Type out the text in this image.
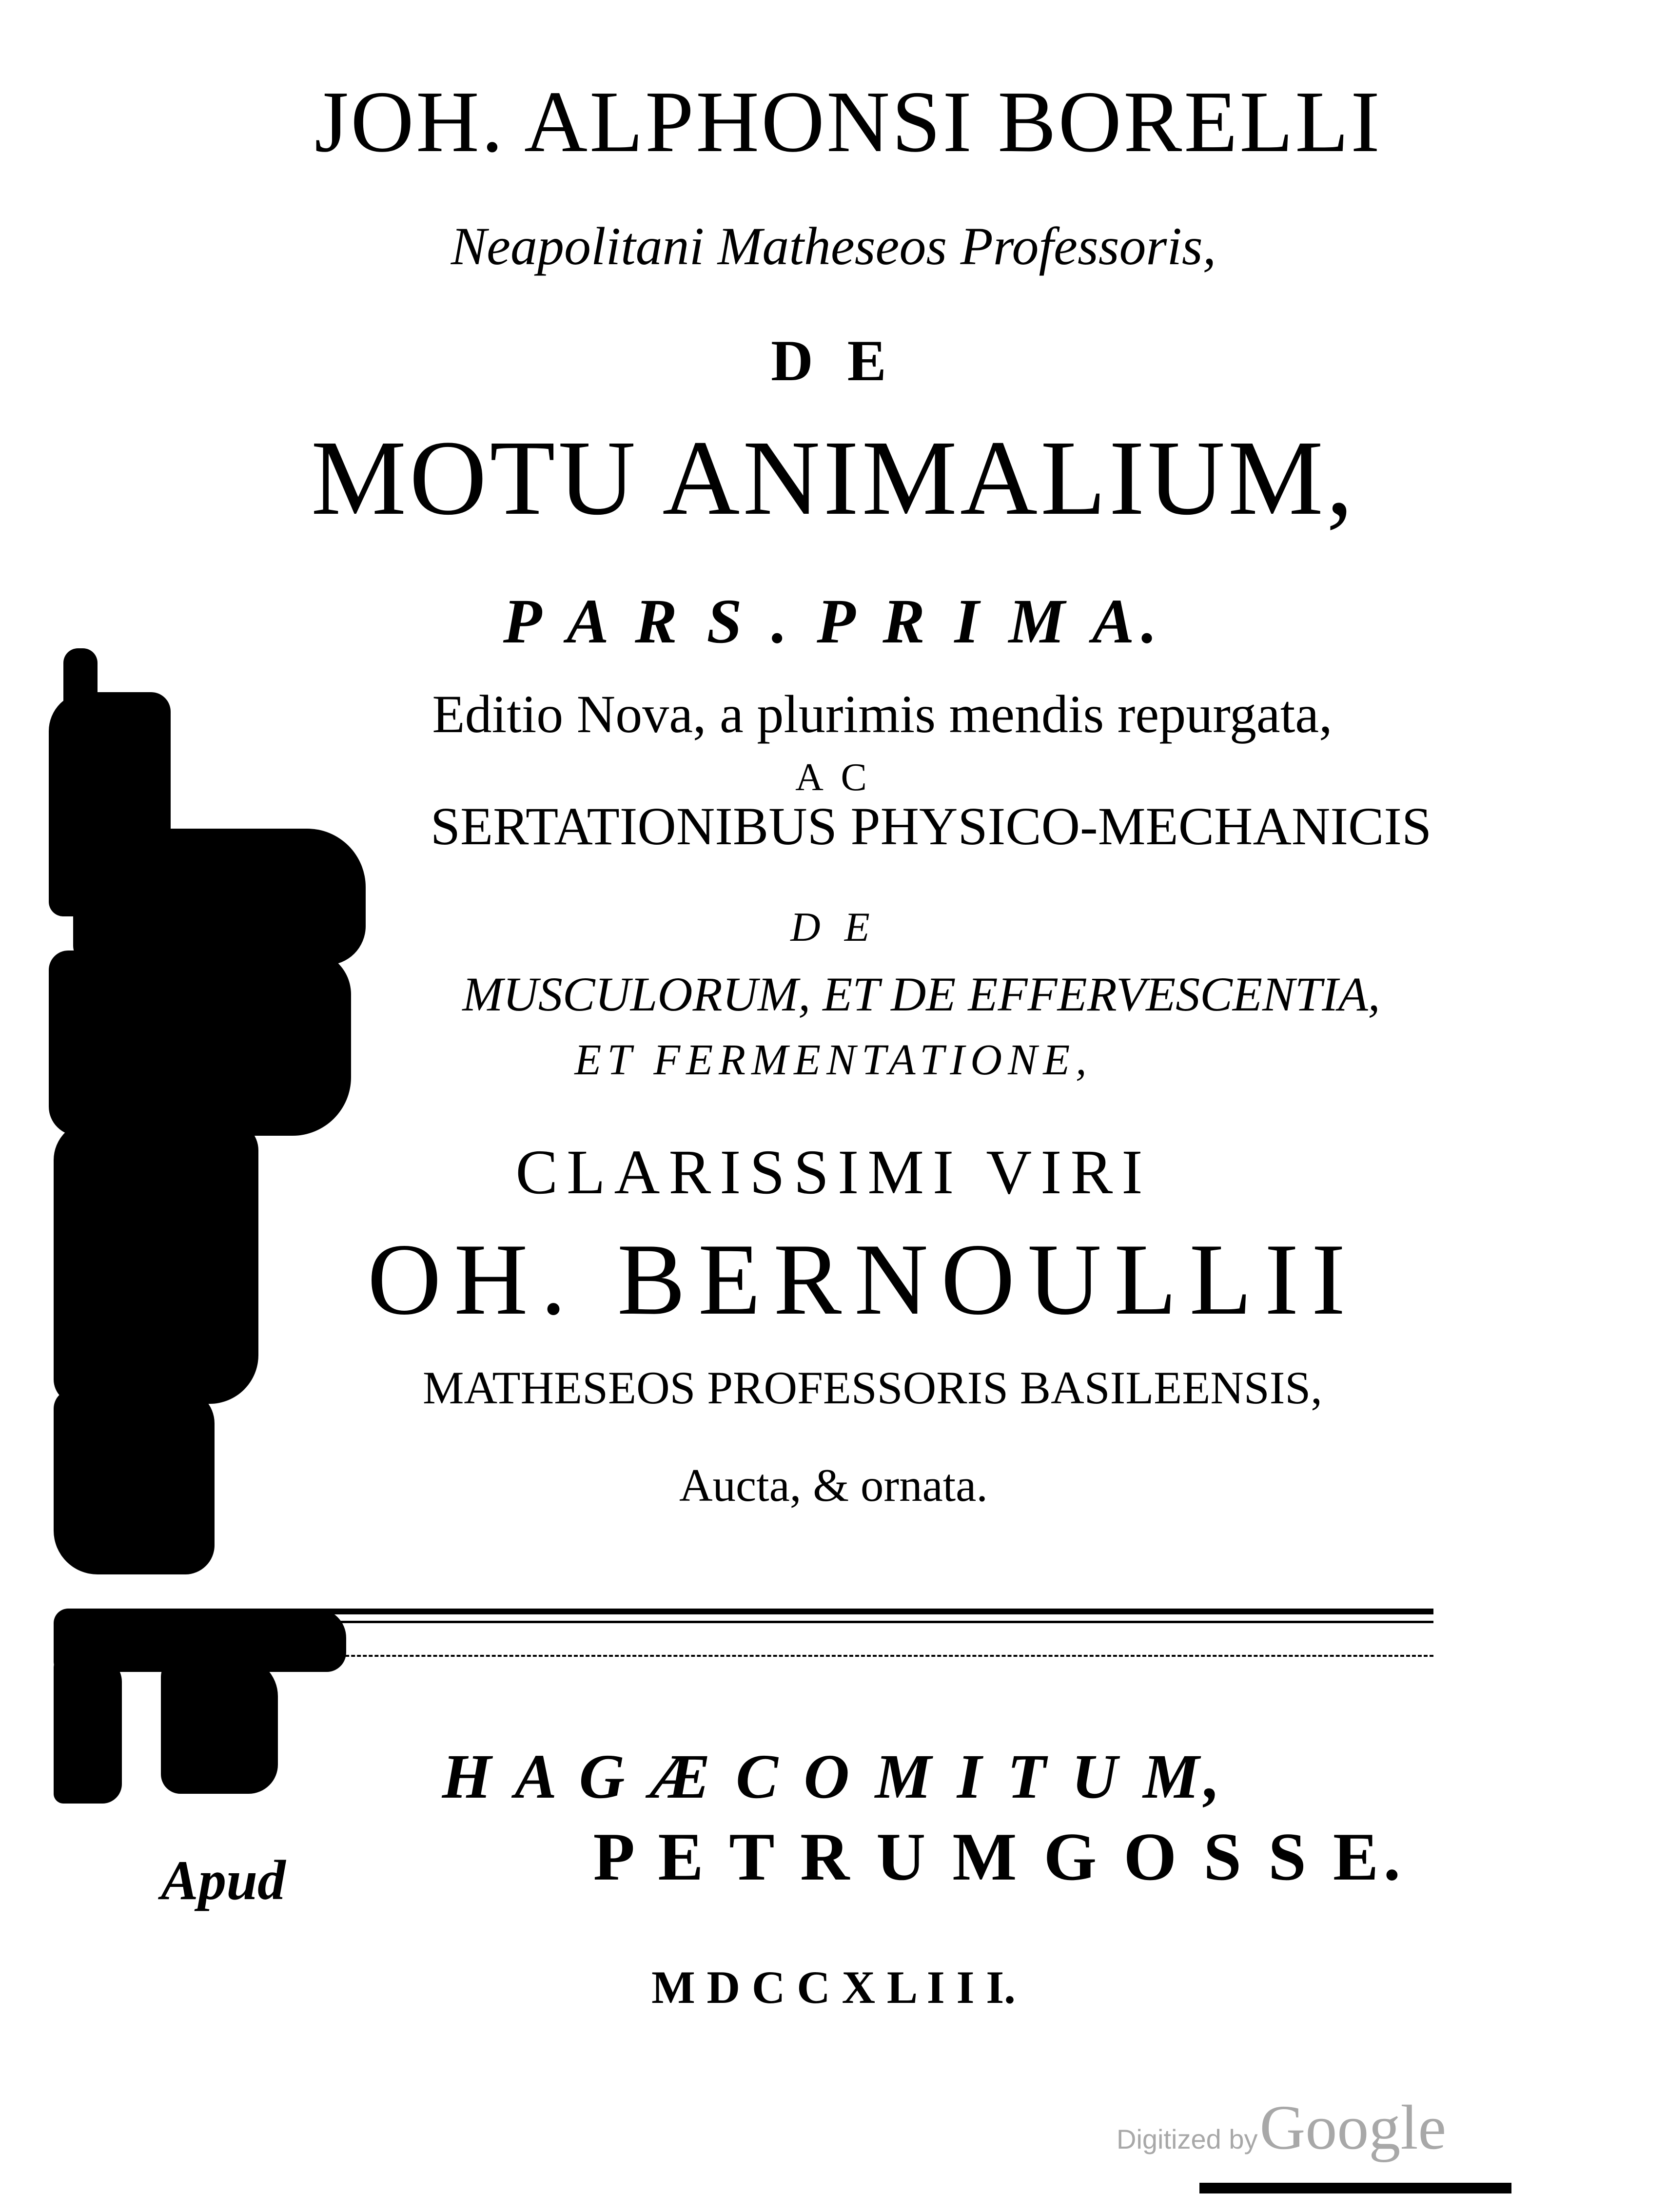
JOH. ALPHONSI BORELLI
Neapolitani Matheseos Professoris,
D E
MOTU ANIMALIUM,
P A R S . P R I M A.
Editio Nova, a plurimis mendis repurgata,
A C
SERTATIONIBUS PHYSICO-MECHANICIS
D E
MUSCULORUM, ET DE EFFERVESCENTIA,
ET FERMENTATIONE,
CLARISSIMI VIRI
OH. BERNOULLII
MATHESEOS PROFESSORIS BASILEENSIS,
Aucta, & ornata.
H A G Æ C O M I T U M,
Apud	P E T R U M G O S S E.
M D C C X L I I I.
Digitized by Google
